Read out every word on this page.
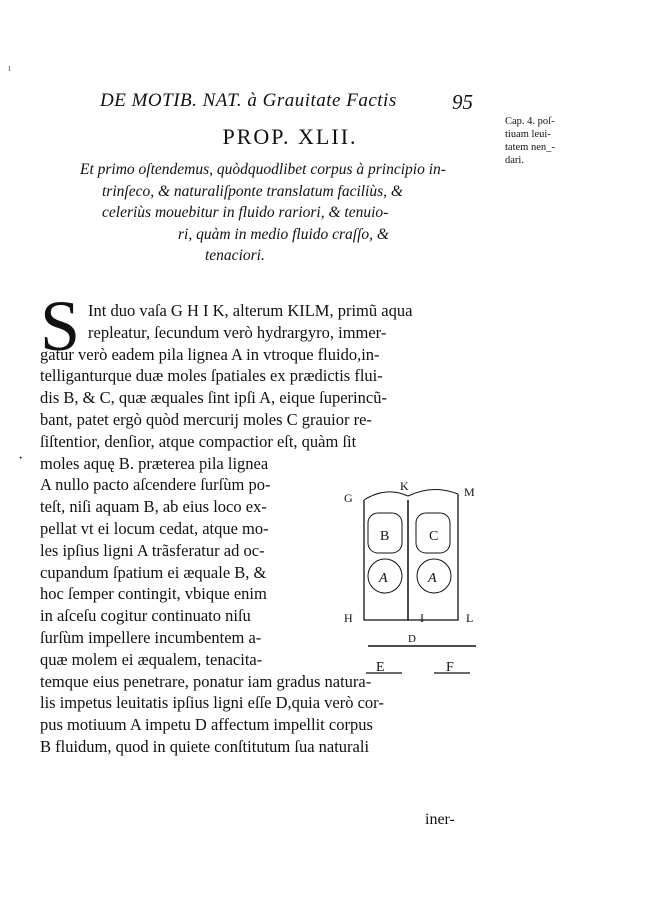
ı
DE MOTIB. NAT. à Grauitate Factis	95
Cap. 4. poſ-
tiuam leui-
tatem nen_-
dari.
PROP. XLII.
Et primo oſtendemus, quòdquodlibet corpus à principio in-
trinſeco, & naturaliſponte translatum faciliùs, &
celeriùs mouebitur in fluido rariori, & tenuio-
ri, quàm in medio fluido craſſo, &
tenaciori.
S Int duo vaſa G H I K, alterum KILM, primũ aqua
repleatur, ſecundum verò hydrargyro, immer-
gatur verò eadem pila lignea A in vtroque fluido,in-
telliganturque duæ moles ſpatiales ex prædictis flui-
dis B, & C, quæ æquales ſint ipſi A, eique ſuperincũ-
bant, patet ergò quòd mercurij moles C grauior re-
ſiſtentior, denſior, atque compactior eſt, quàm ſit
moles aquę B. præterea pila lignea
A nullo pacto aſcendere ſurſùm po-
teſt, niſi aquam B, ab eius loco ex-
pellat vt ei locum cedat, atque mo-
les ipſius ligni A trãsferatur ad oc-
cupandum ſpatium ei æquale B, &
hoc ſemper contingit, vbique enim
in aſceſu cogitur continuato niſu
ſurſùm impellere incumbentem a-
quæ molem ei æqualem, tenacita-
temque eius penetrare, ponatur iam gradus natura-
lis impetus leuitatis ipſius ligni eſſe D,quia verò cor-
pus motiuum A impetu D affectum impellit corpus
B fluidum, quod in quiete conſtitutum ſua naturali
iner-
·
G
K	M
B	C
A	A
H	I	L
D
E	F
